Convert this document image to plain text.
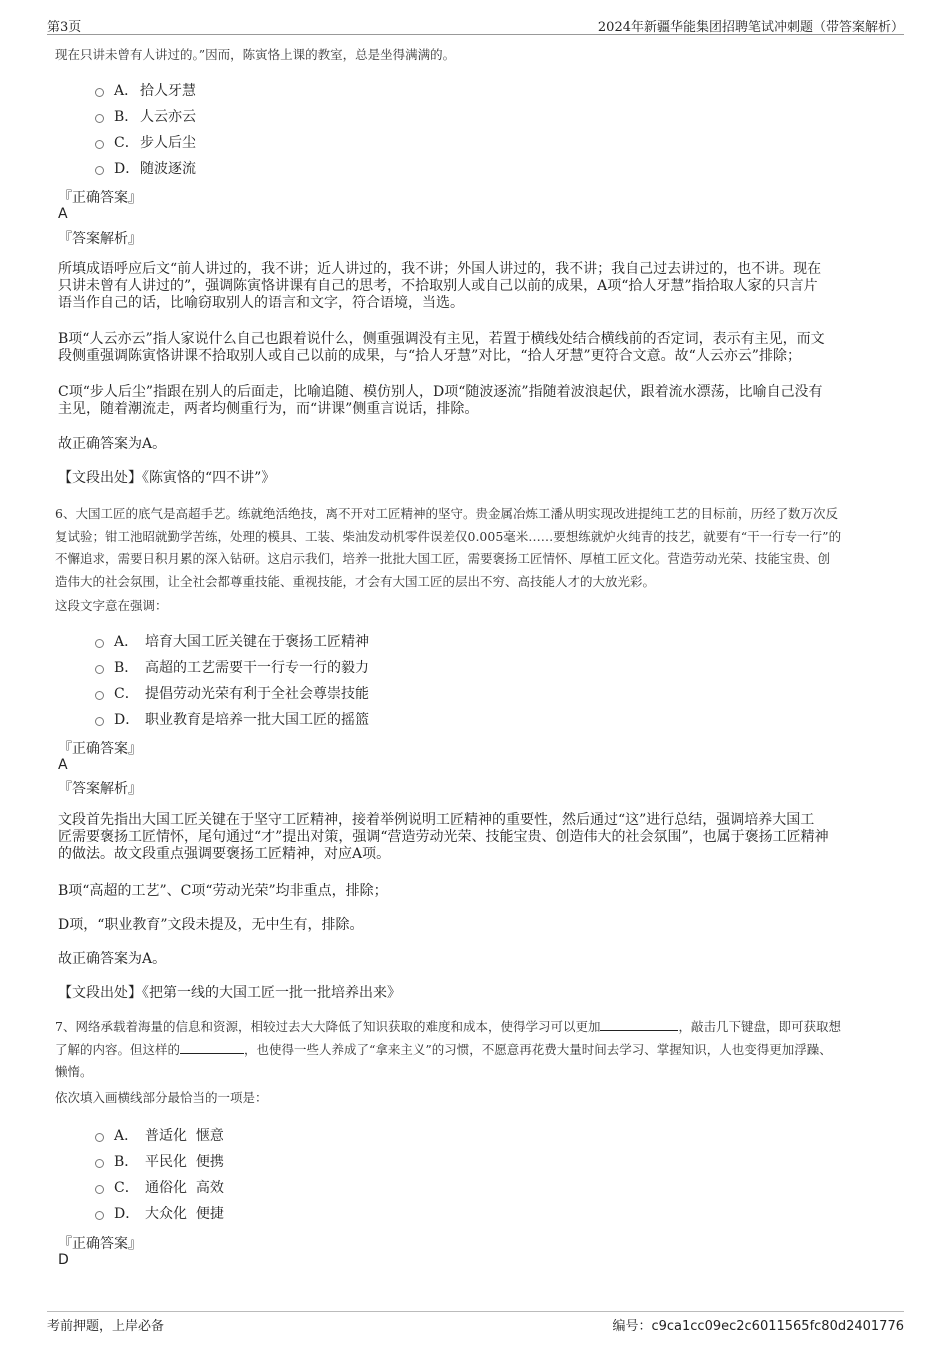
第3页	2024年新疆华能集团招聘笔试冲刺题（带答案解析）
现在只讲未曾有人讲过的。”因而，陈寅恪上课的教室，总是坐得满满的。
A． 拾人牙慧
B． 人云亦云
C． 步人后尘
D． 随波逐流
『正确答案』
A
『答案解析』
所填成语呼应后文“前人讲过的，我不讲；近人讲过的，我不讲；外国人讲过的，我不讲；我自己过去讲过的，也不讲。现在
只讲未曾有人讲过的”，强调陈寅恪讲课有自己的思考，不拾取别人或自己以前的成果，A项“拾人牙慧”指拾取人家的只言片
语当作自己的话，比喻窃取别人的语言和文字，符合语境，当选。
B项“人云亦云”指人家说什么自己也跟着说什么，侧重强调没有主见，若置于横线处结合横线前的否定词，表示有主见，而文
段侧重强调陈寅恪讲课不拾取别人或自己以前的成果，与“拾人牙慧”对比，“拾人牙慧”更符合文意。故“人云亦云”排除；
C项“步人后尘”指跟在别人的后面走，比喻追随、模仿别人，D项“随波逐流”指随着波浪起伏，跟着流水漂荡，比喻自己没有
主见，随着潮流走，两者均侧重行为，而“讲课”侧重言说话，排除。
故正确答案为A。
【文段出处】《陈寅恪的“四不讲”》
6、大国工匠的底气是高超手艺。练就绝活绝技，离不开对工匠精神的坚守。贵金属冶炼工潘从明实现改进提纯工艺的目标前，历经了数万次反
复试验；钳工池昭就勤学苦练，处理的模具、工装、柴油发动机零件误差仅0.005毫米……要想练就炉火纯青的技艺，就要有“干一行专一行”的
不懈追求，需要日积月累的深入钻研。这启示我们，培养一批批大国工匠，需要褒扬工匠情怀、厚植工匠文化。营造劳动光荣、技能宝贵、创
造伟大的社会氛围，让全社会都尊重技能、重视技能，才会有大国工匠的层出不穷、高技能人才的大放光彩。
这段文字意在强调：
A． 培育大国工匠关键在于褒扬工匠精神
B． 高超的工艺需要干一行专一行的毅力
C． 提倡劳动光荣有利于全社会尊崇技能
D． 职业教育是培养一批大国工匠的摇篮
『正确答案』
A
『答案解析』
文段首先指出大国工匠关键在于坚守工匠精神，接着举例说明工匠精神的重要性，然后通过“这”进行总结，强调培养大国工
匠需要褒扬工匠情怀，尾句通过“才”提出对策，强调“营造劳动光荣、技能宝贵、创造伟大的社会氛围”，也属于褒扬工匠精神
的做法。故文段重点强调要褒扬工匠精神，对应A项。
B项“高超的工艺”、C项“劳动光荣”均非重点，排除；
D项，“职业教育”文段未提及，无中生有，排除。
故正确答案为A。
【文段出处】《把第一线的大国工匠一批一批培养出来》
7、网络承载着海量的信息和资源，相较过去大大降低了知识获取的难度和成本，使得学习可以更加	，敲击几下键盘，即可获取想
了解的内容。但这样的	，也使得一些人养成了“拿来主义”的习惯，不愿意再花费大量时间去学习、掌握知识，人也变得更加浮躁、
懒惰。
依次填入画横线部分最恰当的一项是：
A． 普适化  惬意
B． 平民化  便携
C． 通俗化  高效
D． 大众化  便捷
『正确答案』
D
考前押题，上岸必备	编号：c9ca1cc09ec2c6011565fc80d2401776
